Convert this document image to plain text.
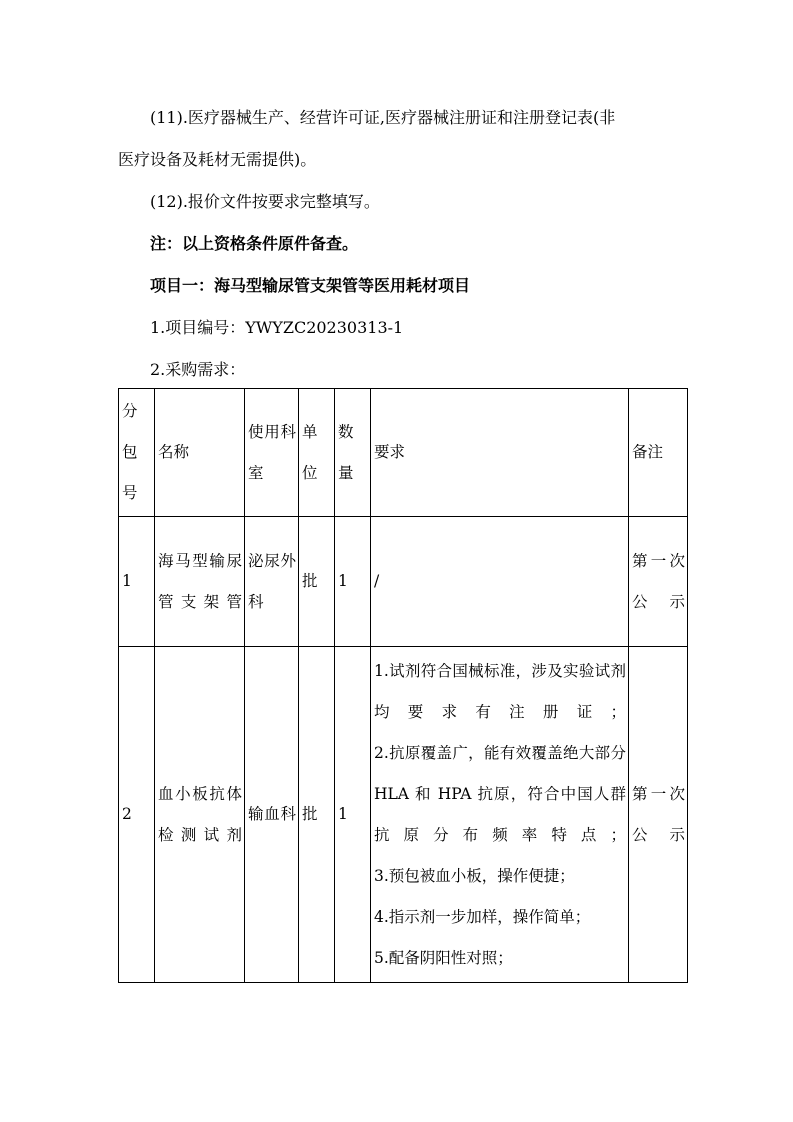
(11).医疗器械生产、经营许可证,医疗器械注册证和注册登记表(非

医疗设备及耗材无需提供)。

(12).报价文件按要求完整填写。

注：以上资格条件原件备查。

项目一：海马型输尿管支架管等医用耗材项目

1.项目编号：YWYZC20230313-1

2.采购需求：

分包号	名称	使用科室	单位	数量	要求	备注

1	海马型输尿管支架管	泌尿外科	批	1	/	第一次公示

2	血小板抗体检测试剂	输血科	批	1	1.试剂符合国械标准，涉及实验试剂均要求有注册证；
2.抗原覆盖广，能有效覆盖绝大部分 HLA 和 HPA 抗原，符合中国人群抗原分布频率特点；
3.预包被血小板，操作便捷；
4.指示剂一步加样，操作简单；
5.配备阴阳性对照；	第一次公示
